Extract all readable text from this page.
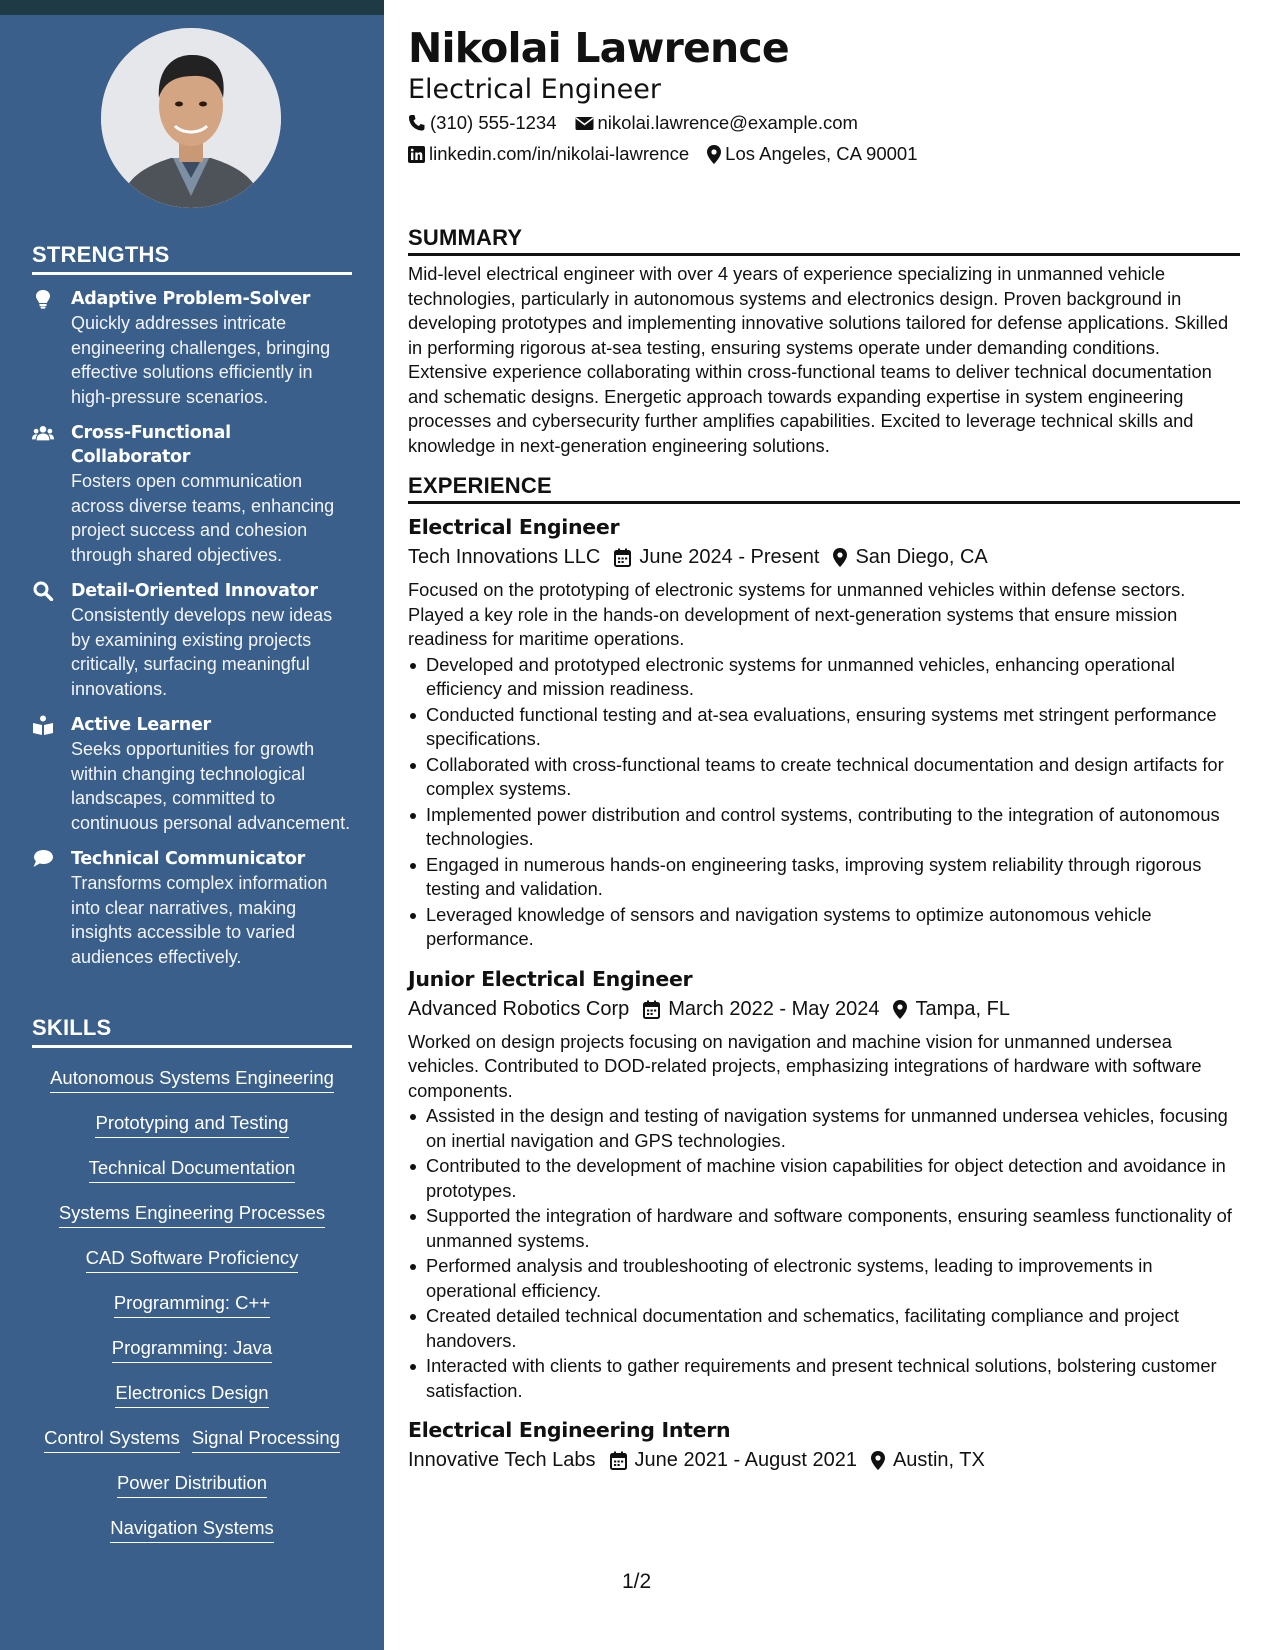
STRENGTHS
Adaptive Problem-Solver
Quickly addresses intricate engineering challenges, bringing effective solutions efficiently in high-pressure scenarios.
Cross-Functional Collaborator
Fosters open communication across diverse teams, enhancing project success and cohesion through shared objectives.
Detail-Oriented Innovator
Consistently develops new ideas by examining existing projects critically, surfacing meaningful innovations.
Active Learner
Seeks opportunities for growth within changing technological landscapes, committed to continuous personal advancement.
Technical Communicator
Transforms complex information into clear narratives, making insights accessible to varied audiences effectively.
SKILLS
Autonomous Systems Engineering
Prototyping and Testing
Technical Documentation
Systems Engineering Processes
CAD Software Proficiency
Programming: C++
Programming: Java
Electronics Design
Control Systems Signal Processing
Power Distribution
Navigation Systems
Nikolai Lawrence
Electrical Engineer
(310) 555-1234 nikolai.lawrence@example.com
linkedin.com/in/nikolai-lawrence Los Angeles, CA 90001
SUMMARY

Mid-level electrical engineer with over 4 years of experience specializing in unmanned vehicle technologies, particularly in autonomous systems and electronics design. Proven background in developing prototypes and implementing innovative solutions tailored for defense applications. Skilled in performing rigorous at-sea testing, ensuring systems operate under demanding conditions. Extensive experience collaborating within cross-functional teams to deliver technical documentation and schematic designs. Energetic approach towards expanding expertise in system engineering processes and cybersecurity further amplifies capabilities. Excited to leverage technical skills and knowledge in next-generation engineering solutions.

EXPERIENCE
Electrical Engineer
Tech Innovations LLC June 2024 - Present San Diego, CA

Focused on the prototyping of electronic systems for unmanned vehicles within defense sectors. Played a key role in the hands-on development of next-generation systems that ensure mission readiness for maritime operations.

Developed and prototyped electronic systems for unmanned vehicles, enhancing operational efficiency and mission readiness.
Conducted functional testing and at-sea evaluations, ensuring systems met stringent performance specifications.
Collaborated with cross-functional teams to create technical documentation and design artifacts for complex systems.
Implemented power distribution and control systems, contributing to the integration of autonomous technologies.
Engaged in numerous hands-on engineering tasks, improving system reliability through rigorous testing and validation.
Leveraged knowledge of sensors and navigation systems to optimize autonomous vehicle performance.
Junior Electrical Engineer
Advanced Robotics Corp March 2022 - May 2024 Tampa, FL

Worked on design projects focusing on navigation and machine vision for unmanned undersea vehicles. Contributed to DOD-related projects, emphasizing integrations of hardware with software components.

Assisted in the design and testing of navigation systems for unmanned undersea vehicles, focusing on inertial navigation and GPS technologies.
Contributed to the development of machine vision capabilities for object detection and avoidance in prototypes.
Supported the integration of hardware and software components, ensuring seamless functionality of unmanned systems.
Performed analysis and troubleshooting of electronic systems, leading to improvements in operational efficiency.
Created detailed technical documentation and schematics, facilitating compliance and project handovers.
Interacted with clients to gather requirements and present technical solutions, bolstering customer satisfaction.
Electrical Engineering Intern
Innovative Tech Labs June 2021 - August 2021 Austin, TX
1/2
